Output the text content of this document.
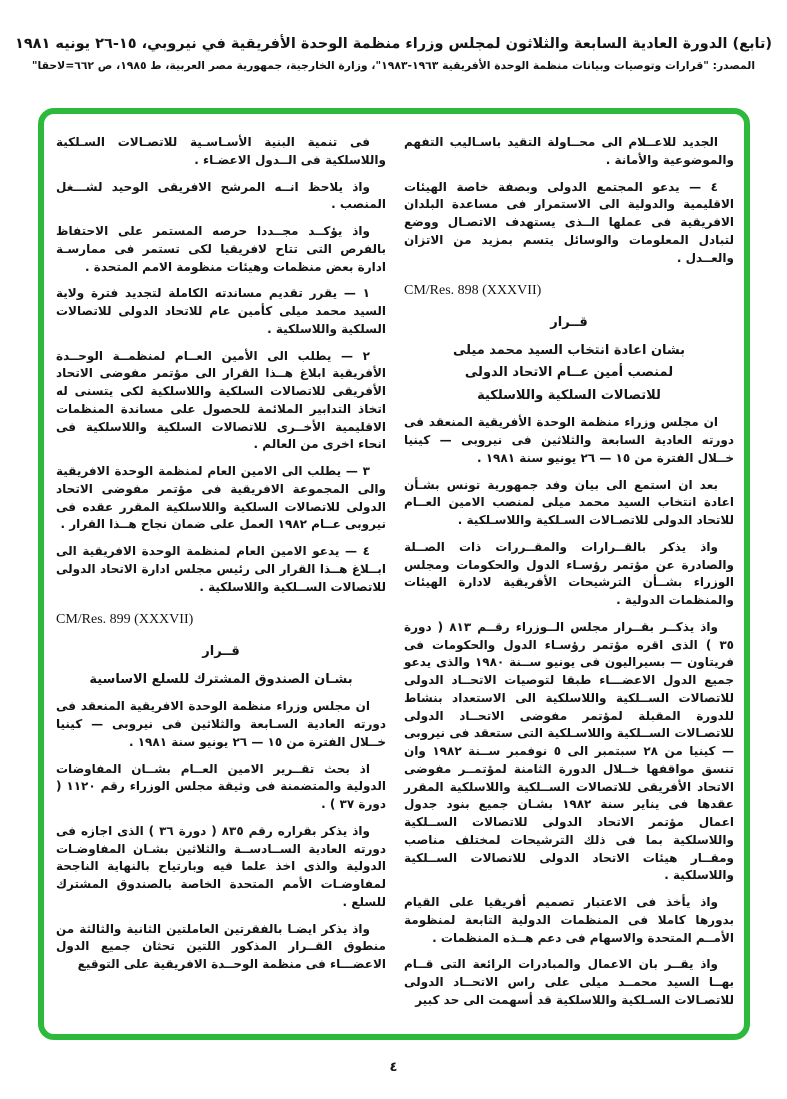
(تابع) الدورة العادية السابعة والثلاثون لمجلس وزراء منظمة الوحدة الأفريقية في نيروبي، ١٥-٢٦ يونيه ١٩٨١
المصدر: "قرارات وتوصيات وبيانات منظمة الوحدة الأفريقية ١٩٦٣-١٩٨٣"، وزارة الخارجية، جمهورية مصر العربية، ط ١٩٨٥، ص ٦٦٢=لاحقا"

الجديد للاعــلام الى محــاولة التقيد باسـاليب التفهم والموضوعية والأمانة .

٤ — يدعو المجتمع الدولى وبصفة خاصة الهيئات الاقليمية والدولية الى الاستمرار فى مساعدة البلدان الافريقية فى عملها الــذى يستهدف الاتصـال ووضع لتبادل المعلومات والوسائل يتسم بمزيد من الاتزان والعــدل .

CM/Res. 898 (XXXVII)
قــرار
بشان اعادة انتخاب السيد محمد ميلى
لمنصب أمين عــام الاتحاد الدولى
للاتصالات السلكية واللاسلكية

ان مجلس وزراء منظمة الوحدة الأفريقية المنعقد فى دورته العادية السابعة والثلاثين فى نيروبى — كينيا خــلال الفترة من ١٥ — ٢٦ يونيو سنة ١٩٨١ .

بعد ان استمع الى بيان وفد جمهورية تونس بشـأن اعادة انتخاب السيد محمد ميلى لمنصب الامين العــام للاتحاد الدولى للاتصـالات السـلكية واللاسـلكية .

واذ يذكر بالقــرارات والمقــررات ذات الصــلة والصادرة عن مؤتمر رؤسـاء الدول والحكومات ومجلس الوزراء بشــأن الترشيحات الأفريقية لادارة الهيئات والمنظمات الدولية .

واذ يذكــر بقــرار مجلس الــوزراء رقــم ٨١٣ ( دورة ٣٥ ) الذى اقره مؤتمر رؤسـاء الدول والحكومات فى فريتاون — بسيراليون فى يونيو ســنة ١٩٨٠ والذى يدعو جميع الدول الاعضـــاء طبقا لتوصيات الاتحــاد الدولى للاتصالات الســلكية واللاسلكية الى الاستعداد بنشاط للدورة المقبلة لمؤتمر مفوضى الاتحــاد الدولى للاتصـالات الســلكية واللاسـلكية التى ستعقد فى نيروبى — كينيا من ٢٨ سبتمبر الى ٥ نوفمبر ســنة ١٩٨٢ وان تنسق مواقفها خــلال الدورة الثامنة لمؤتمــر مفوضى الاتحاد الأفريقى للاتصالات الســلكية واللاسلكية المقرر عقدها فى يناير سنة ١٩٨٢ بشـان جميع بنود جدول اعمال مؤتمر الاتحاد الدولى للاتصالات الســلكية واللاسلكية بما فى ذلك الترشيحات لمختلف مناصب ومقــار هيئات الاتحاد الدولى للاتصالات الســلكية واللاسلكية .

واذ يأخذ فى الاعتبار تصميم أفريقيا على القيام بدورها كاملا فى المنظمات الدولية التابعة لمنظومة الأمــم المتحدة والاسهام فى دعم هــذه المنظمات .

واذ يقــر بان الاعمال والمبادرات الرائعة التى قــام بهــا السيد محمــد ميلى على راس الاتحــاد الدولى للاتصـالات السـلكية واللاسلكية قد أسهمت الى حد كبير

فى تنمية البنية الأسـاسـية للاتصـالات السـلكية واللاسلكية فى الــدول الاعضـاء .

واذ يلاحظ انــه المرشح الافريقى الوحيد لشـــغل المنصب .

واذ يؤكــد مجــددا حرصه المستمر على الاحتفاظ بالفرص التى تتاح لافريقيا لكى تستمر فى ممارسـة ادارة بعض منظمات وهيئات منظومة الامم المتحدة .

١ — يقرر تقديم مساندته الكاملة لتجديد فترة ولاية السيد محمد ميلى كأمين عام للاتحاد الدولى للاتصالات السلكية واللاسلكية .

٢ — يطلب الى الأمين العــام لمنظمــة الوحــدة الأفريقية ابلاغ هــذا القرار الى مؤتمر مفوضى الاتحاد الأفريقى للاتصالات السلكية واللاسلكية لكى يتسنى له اتخاذ التدابير الملائمة للحصول على مساندة المنظمات الاقليمية الأخــرى للاتصالات السلكية واللاسلكية فى انحاء اخرى من العالم .

٣ — يطلب الى الامين العام لمنظمة الوحدة الافريقية والى المجموعة الافريقية فى مؤتمر مفوضى الاتحاد الدولى للاتصالات السلكية واللاسلكية المقرر عقده فى نيروبى عــام ١٩٨٢ العمل على ضمان نجاح هــذا القرار .

٤ — يدعو الامين العام لمنظمة الوحدة الافريقية الى ابــلاغ هــذا القرار الى رئيس مجلس ادارة الاتحاد الدولى للاتصالات الســلكية واللاسلكية .

CM/Res. 899 (XXXVII)
قــرار
بشـان الصندوق المشترك للسلع الاساسية

ان مجلس وزراء منظمة الوحدة الافريقية المنعقد فى دورته العادية السـابعة والثلاثين فى نيروبى — كينيا خــلال الفترة من ١٥ — ٢٦ يونيو سنة ١٩٨١ .

اذ بحث تقــرير الامين العــام بشــان المفاوضات الدولية والمتضمنة فى وثيقة مجلس الوزراء رقم ١١٢٠ ( دورة ٣٧ ) .

واذ يذكر بقراره رقم ٨٣٥ ( دورة ٣٦ ) الذى اجازه فى دورته العادية الســادســة والثلاثين بشـان المفاوضـات الدولية والذى اخذ علما فيه وبارتياح بالنهاية الناجحة لمفاوضـات الأمم المتحدة الخاصة بالصندوق المشترك للسلع .

واذ يذكر ايضـا بالفقرتين العاملتين الثانية والثالثة من منطوق القــرار المذكور اللتين تحثان جميع الدول الاعضـــاء فى منظمة الوحــدة الافريقية على التوقيع

٤
